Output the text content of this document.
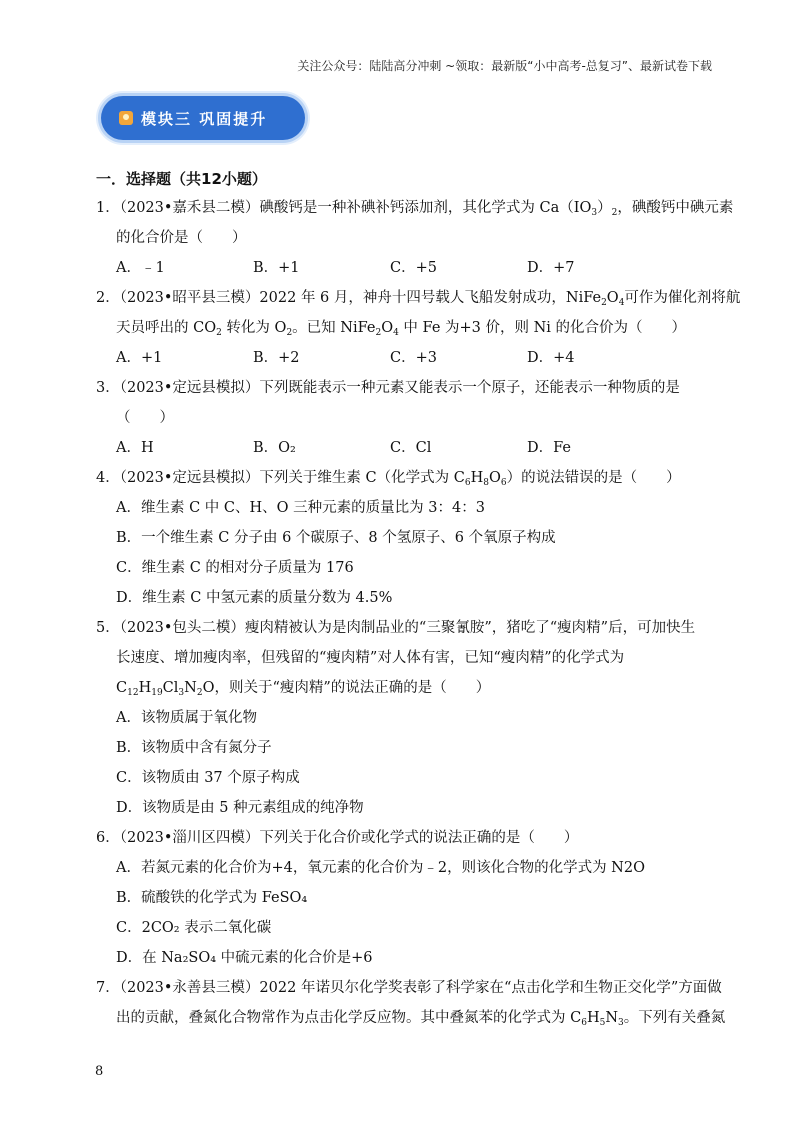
关注公众号：陆陆高分冲刺 ~领取：最新版“小中高考-总复习”、最新试卷下载
模块三 巩固提升
一．选择题（共12小题）
1．（2023•嘉禾县二模）碘酸钙是一种补碘补钙添加剂，其化学式为 $Ca(IO_3)_2$，碘酸钙中碘元素
的化合价是（　　）
A．﹣1	B．+1	C．+5	D．+7
2．（2023•昭平县三模）2022 年 6 月，神舟十四号载人飞船发射成功，$NiFe_2O_4$可作为催化剂将航
天员呼出的 $CO_2$ 转化为 $O_2$。已知 $NiFe_2O_4$ 中 Fe 为+3 价，则 Ni 的化合价为（　　）
A．+1	B．+2	C．+3	D．+4
3．（2023•定远县模拟）下列既能表示一种元素又能表示一个原子，还能表示一种物质的是
（　　）
A．H	B．O₂	C．Cl	D．Fe
4．（2023•定远县模拟）下列关于维生素 C（化学式为 $C_6H_8O_6$）的说法错误的是（　　）
A．维生素 C 中 C、H、O 三种元素的质量比为 3：4：3
B．一个维生素 C 分子由 6 个碳原子、8 个氢原子、6 个氧原子构成
C．维生素 C 的相对分子质量为 176
D．维生素 C 中氢元素的质量分数为 4.5%
5．（2023•包头二模）瘦肉精被认为是肉制品业的“三聚氰胺”，猪吃了“瘦肉精”后，可加快生
长速度、增加瘦肉率，但残留的“瘦肉精”对人体有害，已知“瘦肉精”的化学式为
$C_{12}H_{19}Cl_3N_2O$，则关于“瘦肉精”的说法正确的是（　　）
A．该物质属于氧化物
B．该物质中含有氮分子
C．该物质由 37 个原子构成
D．该物质是由 5 种元素组成的纯净物
6．（2023•淄川区四模）下列关于化合价或化学式的说法正确的是（　　）
A．若氮元素的化合价为+4，氧元素的化合价为﹣2，则该化合物的化学式为 N2O
B．硫酸铁的化学式为 FeSO₄
C．2CO₂ 表示二氧化碳
D．在 Na₂SO₄ 中硫元素的化合价是+6
7．（2023•永善县三模）2022 年诺贝尔化学奖表彰了科学家在“点击化学和生物正交化学”方面做
出的贡献，叠氮化合物常作为点击化学反应物。其中叠氮苯的化学式为 $C_6H_5N_3$。下列有关叠氮
8
